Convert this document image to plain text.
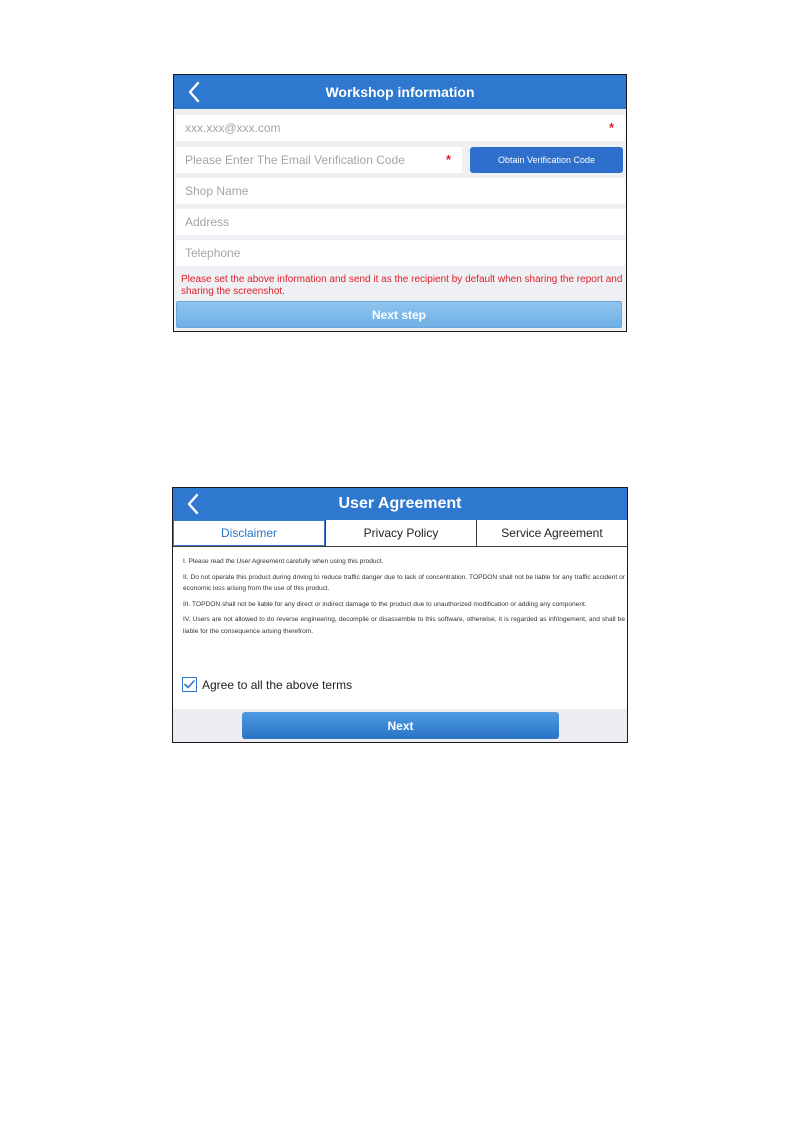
Workshop information
xxx.xxx@xxx.com
*
Please Enter The Email Verification Code
*	Obtain Verification Code
Shop Name
Address
Telephone

Please set the above information and send it as the recipient by default when sharing the report and sharing the screenshot.

Next step
User Agreement
Disclaimer	Privacy Policy	Service Agreement

I. Please read the User Agreement carefully when using this product.

II. Do not operate this product during driving to reduce traffic danger due to lack of concentration. TOPDON shall not be liable for any traffic accident or economic loss arising from the use of this product.

III. TOPDON shall not be liable for any direct or indirect damage to the product due to unauthorized modification or adding any component.

IV. Users are not allowed to do reverse engineering, decompile or disassemble to this software, otherwise, it is regarded as infringement, and shall be liable for the consequence arising therefrom.

Agree to all the above terms
Next
